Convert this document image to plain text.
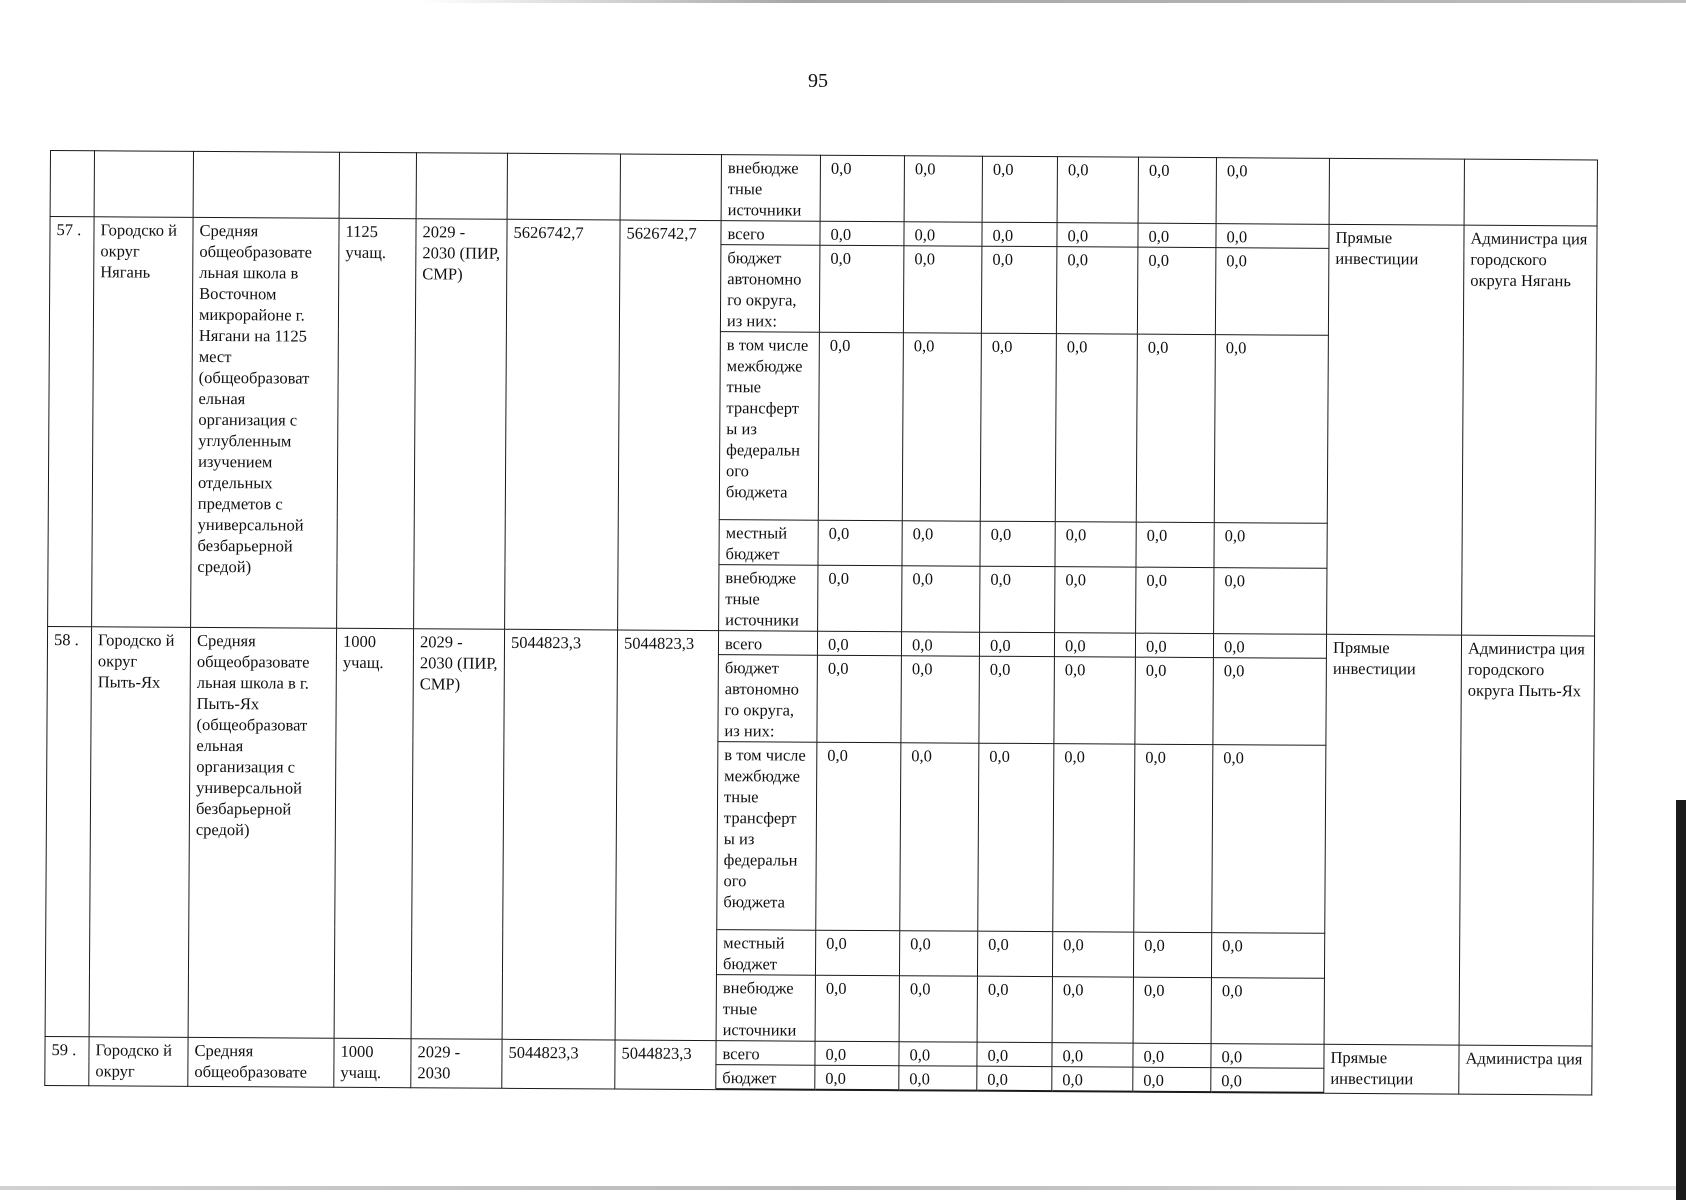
95
							внебюдже тные источники	0,0	0,0	0,0	0,0	0,0	0,0		
57 .	Городско й округ Нягань	Средняя общеобразовате льная школа в Восточном микрорайоне г. Нягани на 1125 мест (общеобразоват ельная организация с углубленным изучением отдельных предметов с универсальной безбарьерной средой)	1125 учащ.	2029 - 2030 (ПИР, СМР)	5626742,7	5626742,7	всего	0,0	0,0	0,0	0,0	0,0	0,0	Прямые инвестиции	Администра ция городского округа Нягань
							бюджет автономно го округа, из них:	0,0	0,0	0,0	0,0	0,0	0,0		
							в том числе межбюдже тные трансферт ы из федеральн ого бюджета	0,0	0,0	0,0	0,0	0,0	0,0		
							местный бюджет	0,0	0,0	0,0	0,0	0,0	0,0		
							внебюдже тные источники	0,0	0,0	0,0	0,0	0,0	0,0		
58 .	Городско й округ Пыть-Ях	Средняя общеобразовате льная школа в г. Пыть-Ях (общеобразоват ельная организация с универсальной безбарьерной средой)	1000 учащ.	2029 - 2030 (ПИР, СМР)	5044823,3	5044823,3	всего	0,0	0,0	0,0	0,0	0,0	0,0	Прямые инвестиции	Администра ция городского округа Пыть-Ях
							бюджет автономно го округа, из них:	0,0	0,0	0,0	0,0	0,0	0,0		
							в том числе межбюдже тные трансферт ы из федеральн ого бюджета	0,0	0,0	0,0	0,0	0,0	0,0		
							местный бюджет	0,0	0,0	0,0	0,0	0,0	0,0		
							внебюдже тные источники	0,0	0,0	0,0	0,0	0,0	0,0		
59 .	Городско й округ	Средняя общеобразовате	1000 учащ.	2029 - 2030	5044823,3	5044823,3	всего	0,0	0,0	0,0	0,0	0,0	0,0	Прямые инвестиции	Администра ция
							бюджет	0,0	0,0	0,0	0,0	0,0	0,0		
